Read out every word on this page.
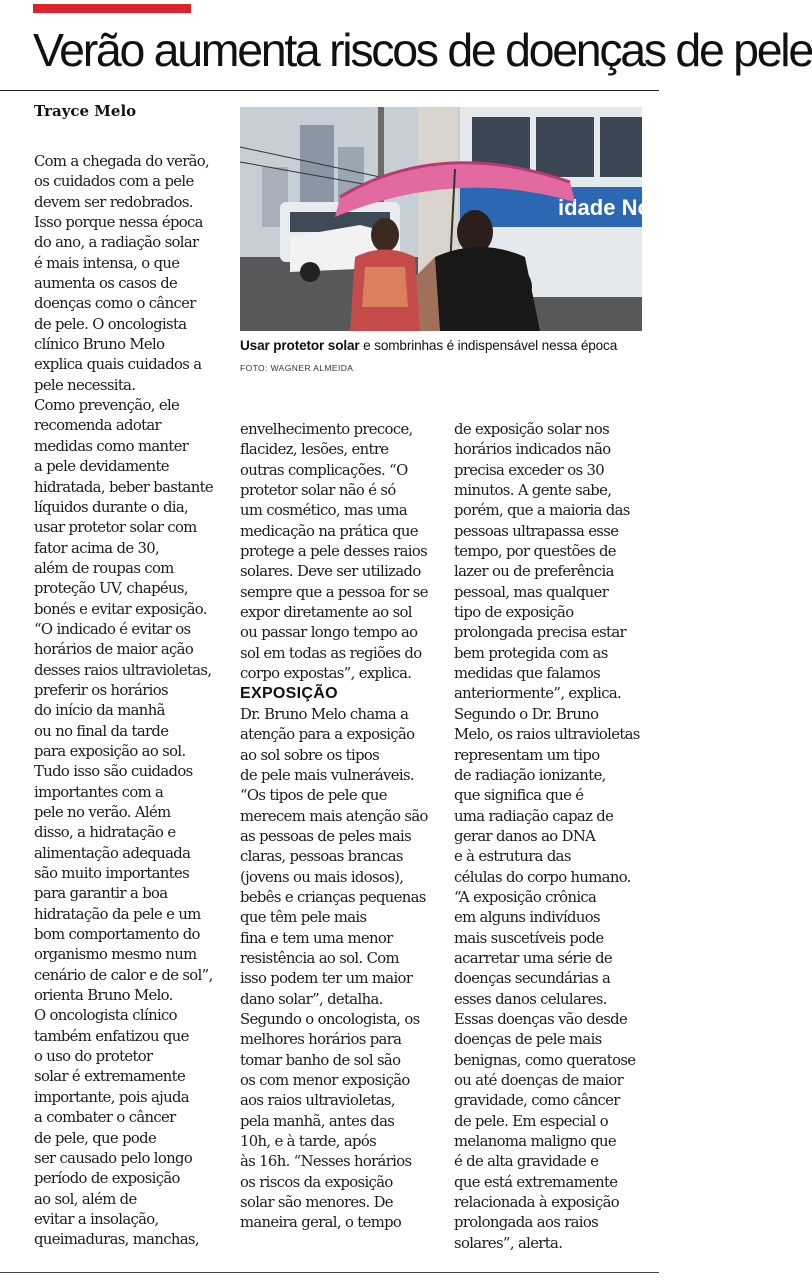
Verão aumenta riscos de doenças de pele
Trayce Melo
Com a chegada do verão,
os cuidados com a pele
devem ser redobrados.
Isso porque nessa época
do ano, a radiação solar
é mais intensa, o que
aumenta os casos de
doenças como o câncer
de pele. O oncologista
clínico Bruno Melo
explica quais cuidados a
pele necessita.
Como prevenção, ele
recomenda adotar
medidas como manter
a pele devidamente
hidratada, beber bastante
líquidos durante o dia,
usar protetor solar com
fator acima de 30,
além de roupas com
proteção UV, chapéus,
bonés e evitar exposição.
“O indicado é evitar os
horários de maior ação
desses raios ultravioletas,
preferir os horários
do início da manhã
ou no final da tarde
para exposição ao sol.
Tudo isso são cuidados
importantes com a
pele no verão. Além
disso, a hidratação e
alimentação adequada
são muito importantes
para garantir a boa
hidratação da pele e um
bom comportamento do
organismo mesmo num
cenário de calor e de sol”,
orienta Bruno Melo.
O oncologista clínico
também enfatizou que
o uso do protetor
solar é extremamente
importante, pois ajuda
a combater o câncer
de pele, que pode
ser causado pelo longo
período de exposição
ao sol, além de
evitar a insolação,
queimaduras, manchas,
idade Nova
Usar protetor solar e sombrinhas é indispensável nessa época
FOTO: WAGNER ALMEIDA
envelhecimento precoce,
flacidez, lesões, entre
outras complicações. “O
protetor solar não é só
um cosmético, mas uma
medicação na prática que
protege a pele desses raios
solares. Deve ser utilizado
sempre que a pessoa for se
expor diretamente ao sol
ou passar longo tempo ao
sol em todas as regiões do
corpo expostas”, explica.

EXPOSIÇÃO
Dr. Bruno Melo chama a
atenção para a exposição
ao sol sobre os tipos
de pele mais vulneráveis.
“Os tipos de pele que
merecem mais atenção são
as pessoas de peles mais
claras, pessoas brancas
(jovens ou mais idosos),
bebês e crianças pequenas
que têm pele mais
fina e tem uma menor
resistência ao sol. Com
isso podem ter um maior
dano solar”, detalha.
Segundo o oncologista, os
melhores horários para
tomar banho de sol são
os com menor exposição
aos raios ultravioletas,
pela manhã, antes das
10h, e à tarde, após
às 16h. “Nesses horários
os riscos da exposição
solar são menores. De
maneira geral, o tempo
de exposição solar nos
horários indicados não
precisa exceder os 30
minutos. A gente sabe,
porém, que a maioria das
pessoas ultrapassa esse
tempo, por questões de
lazer ou de preferência
pessoal, mas qualquer
tipo de exposição
prolongada precisa estar
bem protegida com as
medidas que falamos
anteriormente”, explica.
Segundo o Dr. Bruno
Melo, os raios ultravioletas
representam um tipo
de radiação ionizante,
que significa que é
uma radiação capaz de
gerar danos ao DNA
e à estrutura das
células do corpo humano.
“A exposição crônica
em alguns indivíduos
mais suscetíveis pode
acarretar uma série de
doenças secundárias a
esses danos celulares.
Essas doenças vão desde
doenças de pele mais
benignas, como queratose
ou até doenças de maior
gravidade, como câncer
de pele. Em especial o
melanoma maligno que
é de alta gravidade e
que está extremamente
relacionada à exposição
prolongada aos raios
solares”, alerta.
